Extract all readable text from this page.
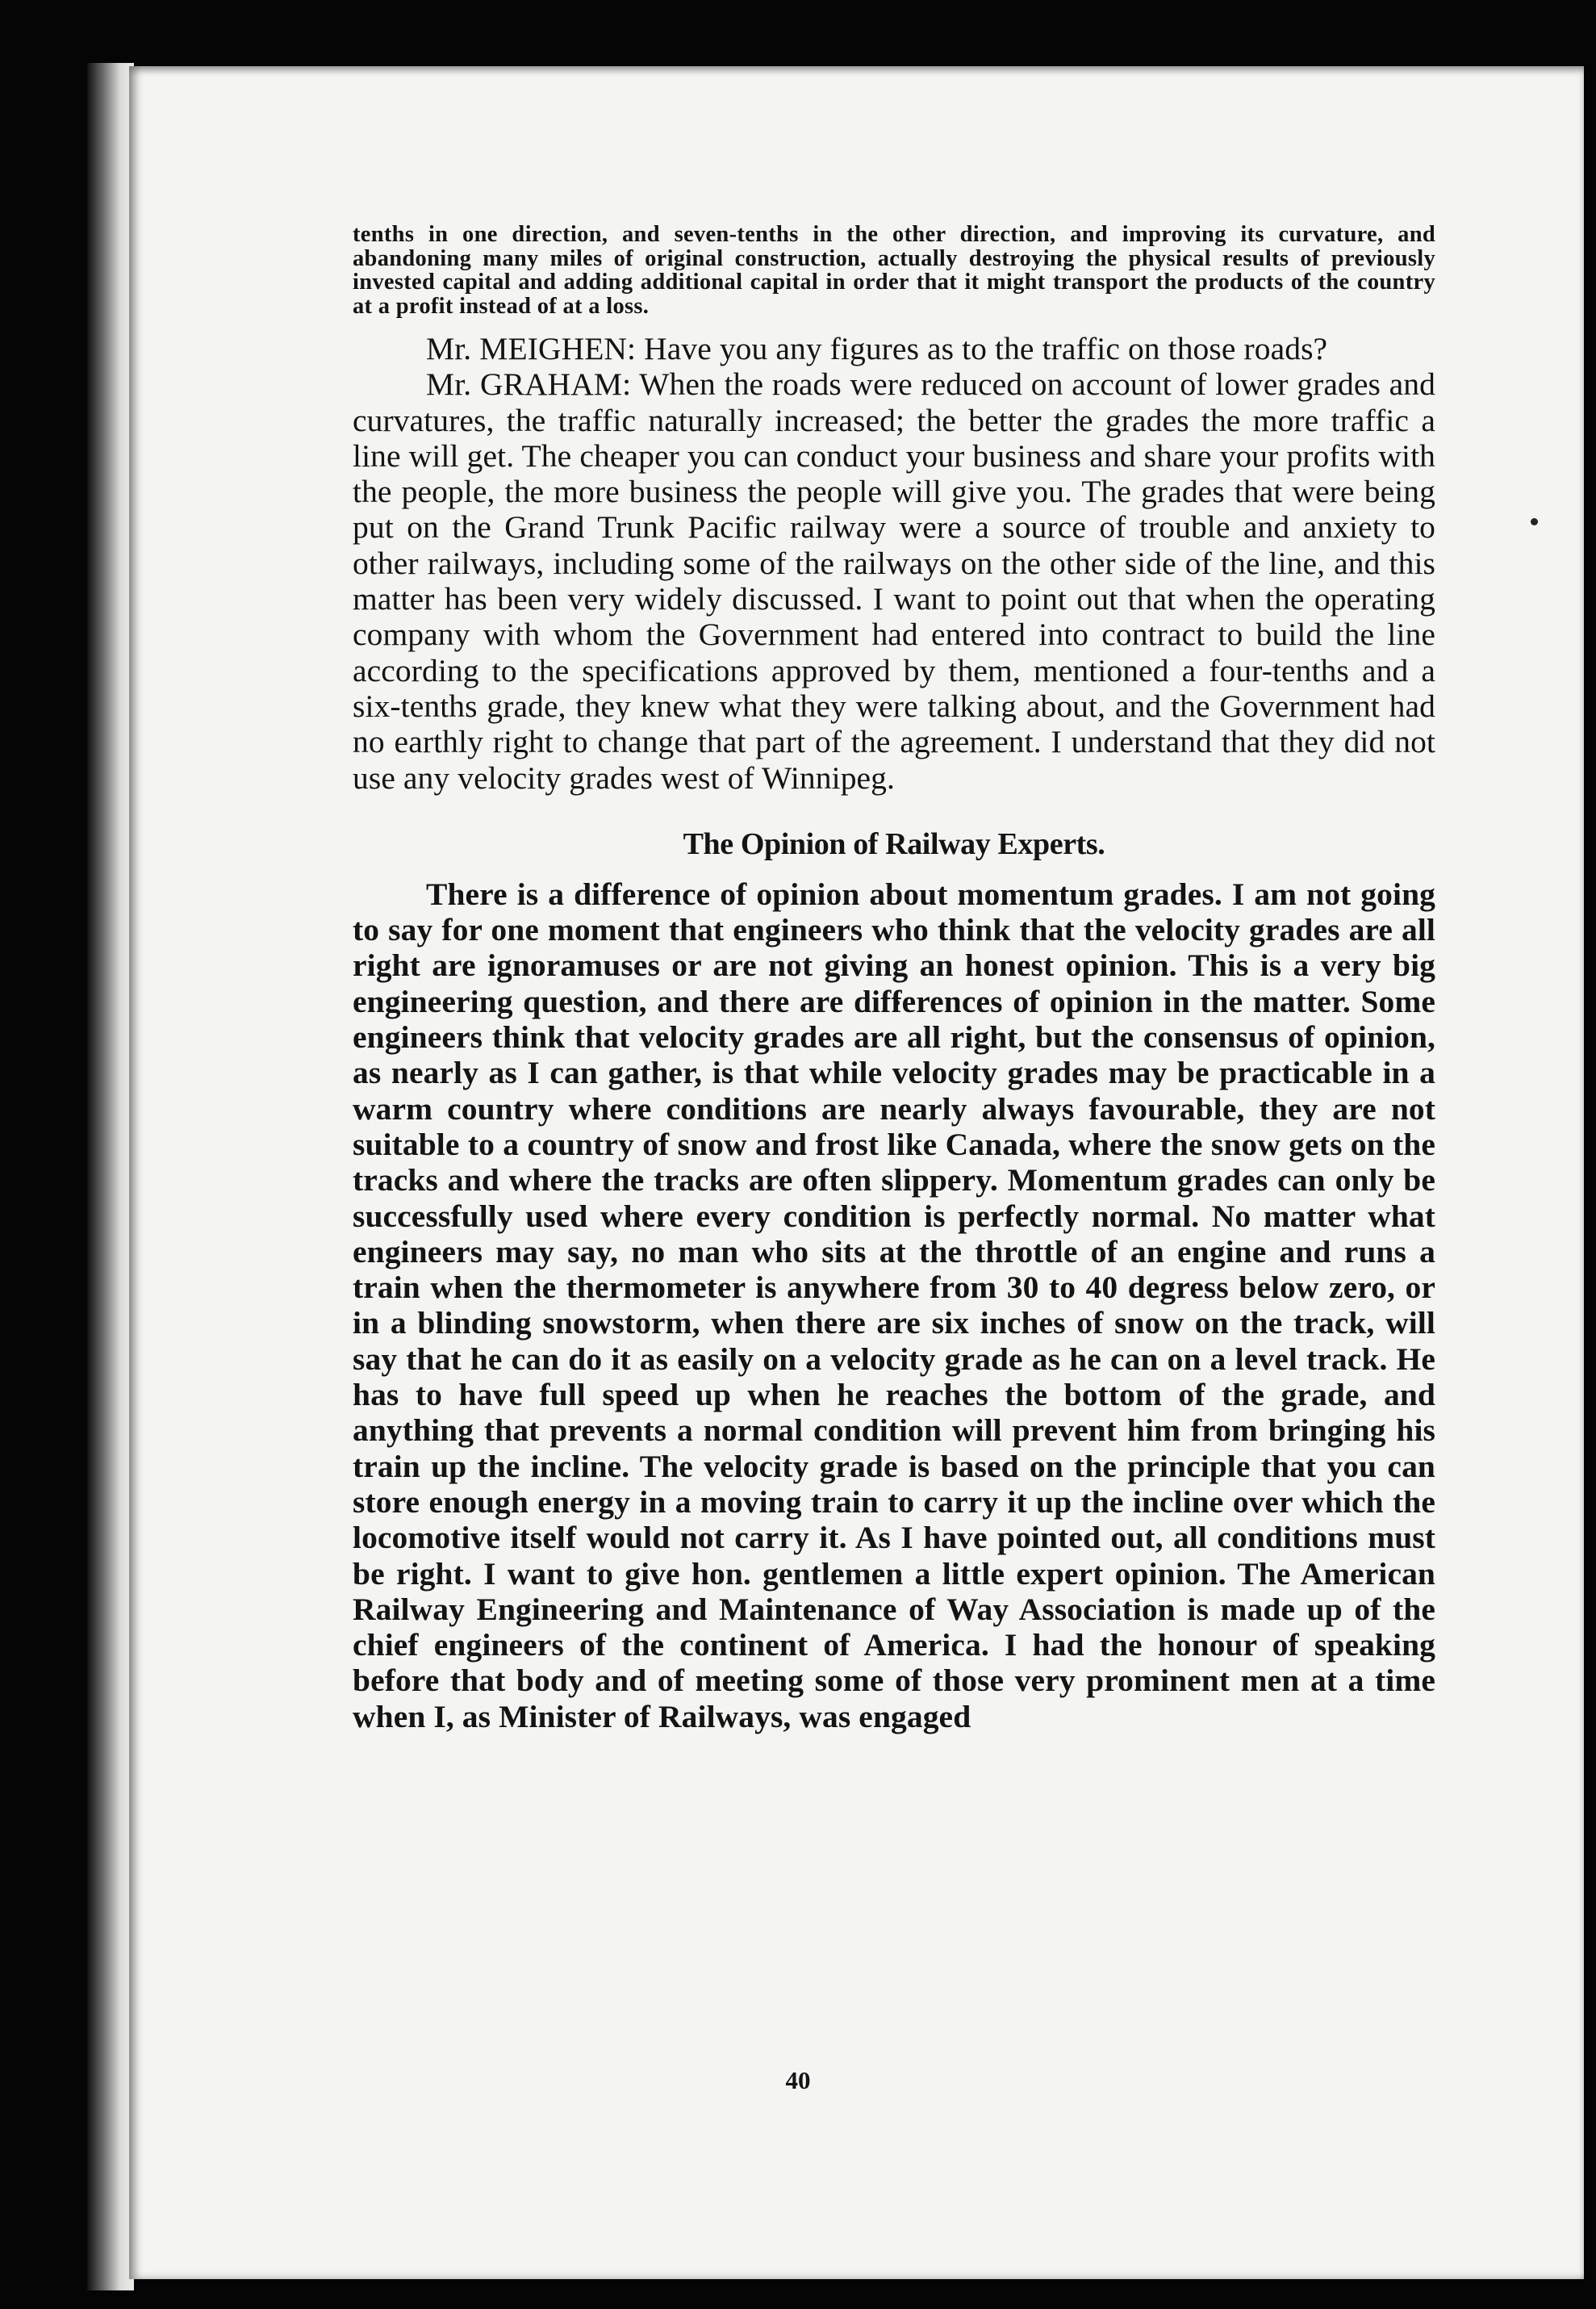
tenths in one direction, and seven-tenths in the other direction, and improving its curvature, and abandoning many miles of original construction, actually destroying the physical results of previously invested capital and adding additional capital in order that it might transport the products of the country at a profit instead of at a loss.

Mr. MEIGHEN: Have you any figures as to the traffic on those roads?

Mr. GRAHAM: When the roads were reduced on account of lower grades and curvatures, the traffic naturally increased; the better the grades the more traffic a line will get. The cheaper you can conduct your business and share your profits with the people, the more business the people will give you. The grades that were being put on the Grand Trunk Pacific railway were a source of trouble and anxiety to other railways, including some of the railways on the other side of the line, and this matter has been very widely discussed. I want to point out that when the operating company with whom the Government had entered into contract to build the line according to the specifications approved by them, mentioned a four-tenths and a six-tenths grade, they knew what they were talking about, and the Government had no earthly right to change that part of the agreement. I understand that they did not use any velocity grades west of Winnipeg.

The Opinion of Railway Experts.

There is a difference of opinion about momentum grades. I am not going to say for one moment that engineers who think that the velocity grades are all right are ignoramuses or are not giving an honest opinion. This is a very big engineering question, and there are differences of opinion in the matter. Some engineers think that velocity grades are all right, but the consensus of opinion, as nearly as I can gather, is that while velocity grades may be practicable in a warm country where conditions are nearly always favourable, they are not suitable to a country of snow and frost like Canada, where the snow gets on the tracks and where the tracks are often slippery. Momentum grades can only be successfully used where every condition is perfectly normal. No matter what engineers may say, no man who sits at the throttle of an engine and runs a train when the thermometer is anywhere from 30 to 40 degress below zero, or in a blinding snowstorm, when there are six inches of snow on the track, will say that he can do it as easily on a velocity grade as he can on a level track. He has to have full speed up when he reaches the bottom of the grade, and anything that prevents a normal condition will prevent him from bringing his train up the incline. The velocity grade is based on the principle that you can store enough energy in a moving train to carry it up the incline over which the locomotive itself would not carry it. As I have pointed out, all conditions must be right. I want to give hon. gentlemen a little expert opinion. The American Railway Engineering and Maintenance of Way Association is made up of the chief engineers of the continent of America. I had the honour of speaking before that body and of meeting some of those very prominent men at a time when I, as Minister of Railways, was engaged

40
